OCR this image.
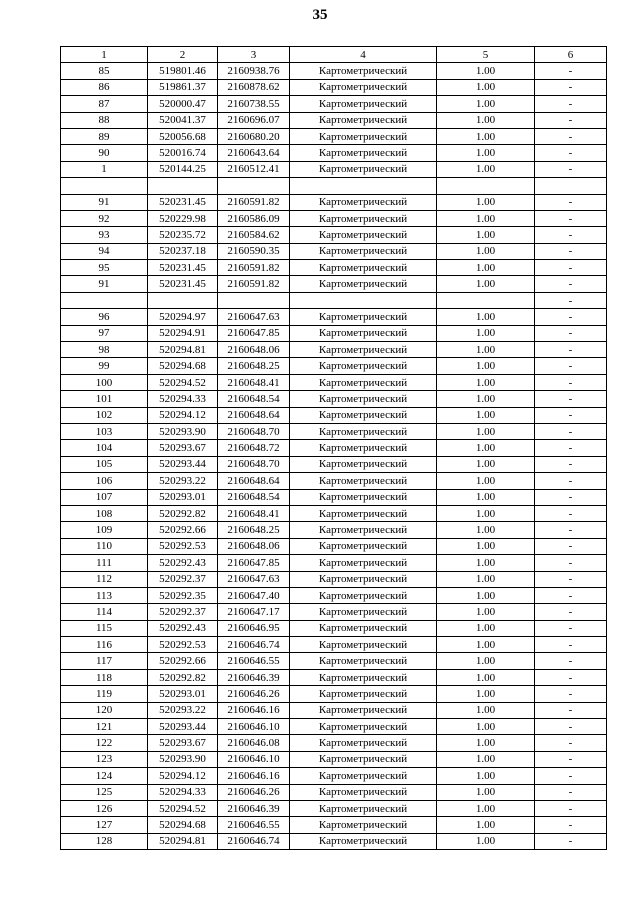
35
1	2	3	4	5	6
85	519801.46	2160938.76	Картометрический	1.00	-
86	519861.37	2160878.62	Картометрический	1.00	-
87	520000.47	2160738.55	Картометрический	1.00	-
88	520041.37	2160696.07	Картометрический	1.00	-
89	520056.68	2160680.20	Картометрический	1.00	-
90	520016.74	2160643.64	Картометрический	1.00	-
1	520144.25	2160512.41	Картометрический	1.00	-

91	520231.45	2160591.82	Картометрический	1.00	-
92	520229.98	2160586.09	Картометрический	1.00	-
93	520235.72	2160584.62	Картометрический	1.00	-
94	520237.18	2160590.35	Картометрический	1.00	-
95	520231.45	2160591.82	Картометрический	1.00	-
91	520231.45	2160591.82	Картометрический	1.00	-
					-
96	520294.97	2160647.63	Картометрический	1.00	-
97	520294.91	2160647.85	Картометрический	1.00	-
98	520294.81	2160648.06	Картометрический	1.00	-
99	520294.68	2160648.25	Картометрический	1.00	-
100	520294.52	2160648.41	Картометрический	1.00	-
101	520294.33	2160648.54	Картометрический	1.00	-
102	520294.12	2160648.64	Картометрический	1.00	-
103	520293.90	2160648.70	Картометрический	1.00	-
104	520293.67	2160648.72	Картометрический	1.00	-
105	520293.44	2160648.70	Картометрический	1.00	-
106	520293.22	2160648.64	Картометрический	1.00	-
107	520293.01	2160648.54	Картометрический	1.00	-
108	520292.82	2160648.41	Картометрический	1.00	-
109	520292.66	2160648.25	Картометрический	1.00	-
110	520292.53	2160648.06	Картометрический	1.00	-
111	520292.43	2160647.85	Картометрический	1.00	-
112	520292.37	2160647.63	Картометрический	1.00	-
113	520292.35	2160647.40	Картометрический	1.00	-
114	520292.37	2160647.17	Картометрический	1.00	-
115	520292.43	2160646.95	Картометрический	1.00	-
116	520292.53	2160646.74	Картометрический	1.00	-
117	520292.66	2160646.55	Картометрический	1.00	-
118	520292.82	2160646.39	Картометрический	1.00	-
119	520293.01	2160646.26	Картометрический	1.00	-
120	520293.22	2160646.16	Картометрический	1.00	-
121	520293.44	2160646.10	Картометрический	1.00	-
122	520293.67	2160646.08	Картометрический	1.00	-
123	520293.90	2160646.10	Картометрический	1.00	-
124	520294.12	2160646.16	Картометрический	1.00	-
125	520294.33	2160646.26	Картометрический	1.00	-
126	520294.52	2160646.39	Картометрический	1.00	-
127	520294.68	2160646.55	Картометрический	1.00	-
128	520294.81	2160646.74	Картометрический	1.00	-
